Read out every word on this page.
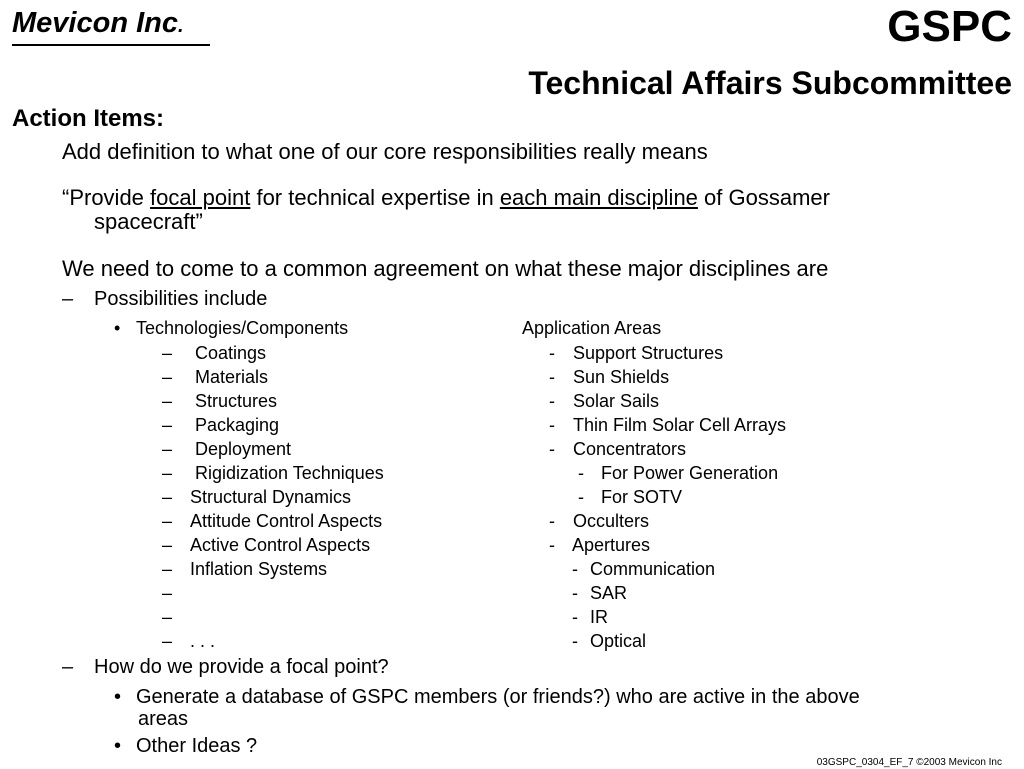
Mevicon Inc.	GSPC
Technical Affairs Subcommittee
Action Items:
Add definition to what one of our core responsibilities really means
“Provide focal point for technical expertise in each main discipline of Gossamer
spacecraft”
We need to come to a common agreement on what these major disciplines are
– Possibilities include
• Technologies/Components	Application Areas
– Coatings
– Materials
– Structures
– Packaging
– Deployment
– Rigidization Techniques
– Structural Dynamics
– Attitude Control Aspects
– Active Control Aspects
– Inflation Systems
–
–
– . . .
- Support Structures
- Sun Shields
- Solar Sails
- Thin Film Solar Cell Arrays
- Concentrators
- For Power Generation
- For SOTV
- Occulters
- Apertures
- Communication
- SAR
- IR
- Optical
– How do we provide a focal point?
• Generate a database of GSPC members (or friends?) who are active in the above
areas
• Other Ideas ?
03GSPC_0304_EF_7 ©2003 Mevicon Inc
